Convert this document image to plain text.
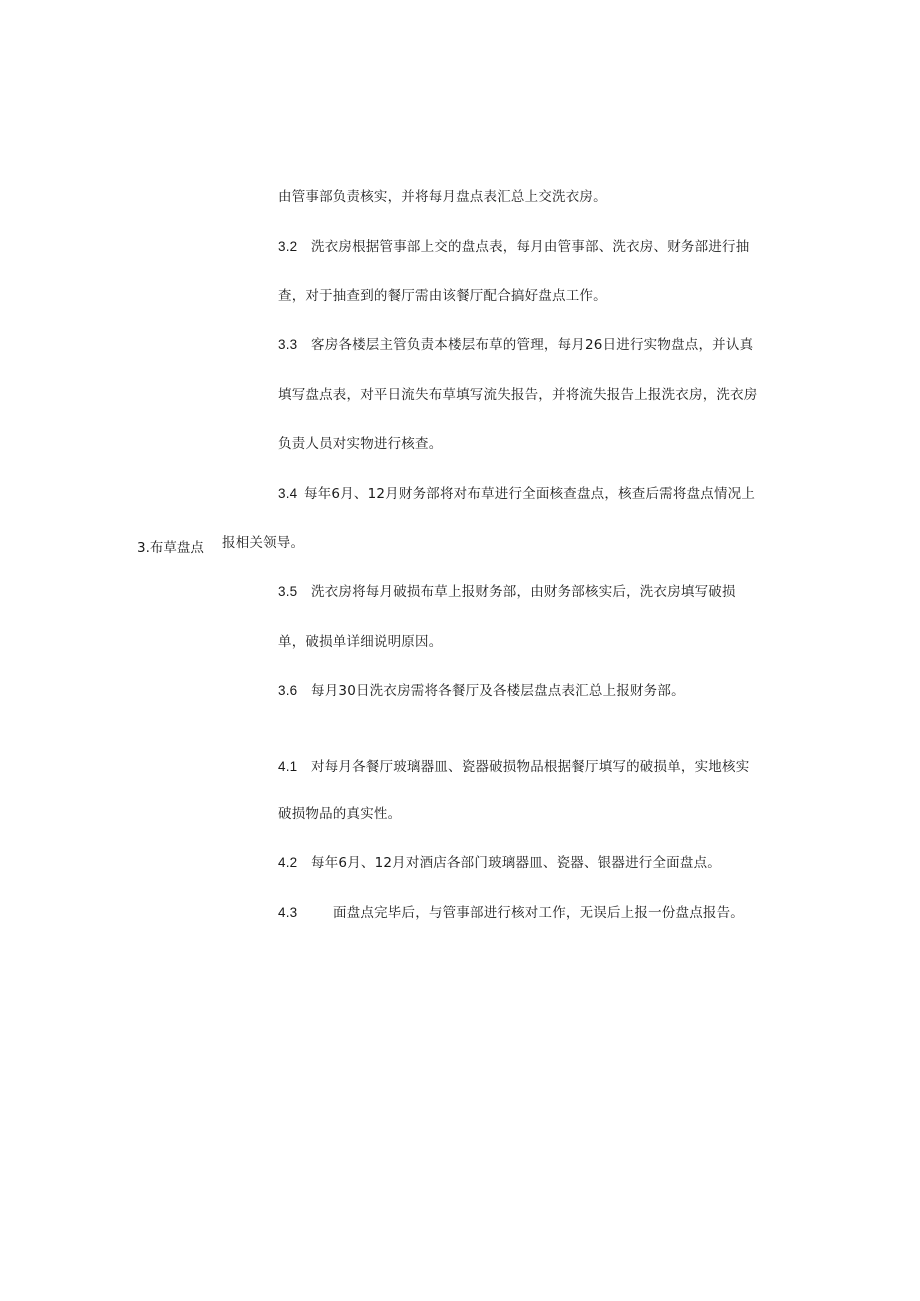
由管事部负责核实，并将每月盘点表汇总上交洗衣房。
3.2 洗衣房根据管事部上交的盘点表，每月由管事部、洗衣房、财务部进行抽
查，对于抽查到的餐厅需由该餐厅配合搞好盘点工作。
3.3 客房各楼层主管负责本楼层布草的管理，每月26日进行实物盘点，并认真
填写盘点表，对平日流失布草填写流失报告，并将流失报告上报洗衣房，洗衣房
负责人员对实物进行核查。
3.4 每年6月、12月财务部将对布草进行全面核查盘点，核查后需将盘点情况上
3.布草盘点 报相关领导。
3.5 洗衣房将每月破损布草上报财务部，由财务部核实后，洗衣房填写破损
单，破损单详细说明原因。
3.6 每月30日洗衣房需将各餐厅及各楼层盘点表汇总上报财务部。
4.1 对每月各餐厅玻璃器皿、瓷器破损物品根据餐厅填写的破损单，实地核实
破损物品的真实性。
4.2 每年6月、12月对酒店各部门玻璃器皿、瓷器、银器进行全面盘点。
4.3	面盘点完毕后，与管事部进行核对工作，无误后上报一份盘点报告。
